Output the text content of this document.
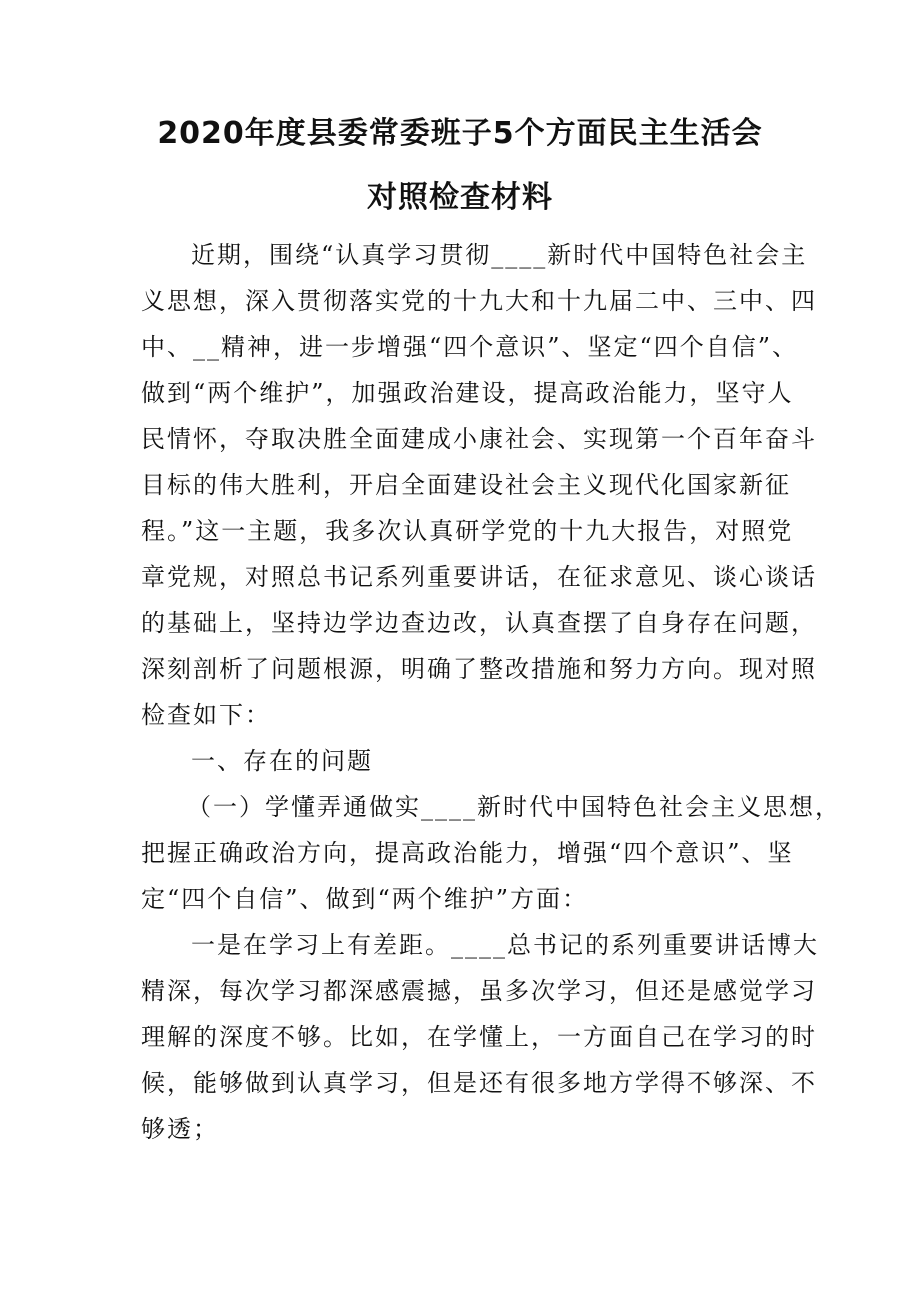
2020年度县委常委班子5个方面民主生活会
对照检查材料
近期，围绕“认真学习贯彻____新时代中国特色社会主
义思想，深入贯彻落实党的十九大和十九届二中、三中、四
中、__精神，进一步增强“四个意识”、坚定“四个自信”、
做到“两个维护”，加强政治建设，提高政治能力，坚守人
民情怀，夺取决胜全面建成小康社会、实现第一个百年奋斗
目标的伟大胜利，开启全面建设社会主义现代化国家新征
程。”这一主题，我多次认真研学党的十九大报告，对照党
章党规，对照总书记系列重要讲话，在征求意见、谈心谈话
的基础上，坚持边学边查边改，认真查摆了自身存在问题，
深刻剖析了问题根源，明确了整改措施和努力方向。现对照
检查如下：
一、存在的问题
（一）学懂弄通做实____新时代中国特色社会主义思想，
把握正确政治方向，提高政治能力，增强“四个意识”、坚
定“四个自信”、做到“两个维护”方面：
一是在学习上有差距。____总书记的系列重要讲话博大
精深，每次学习都深感震撼，虽多次学习，但还是感觉学习
理解的深度不够。比如，在学懂上，一方面自己在学习的时
候，能够做到认真学习，但是还有很多地方学得不够深、不
够透；
